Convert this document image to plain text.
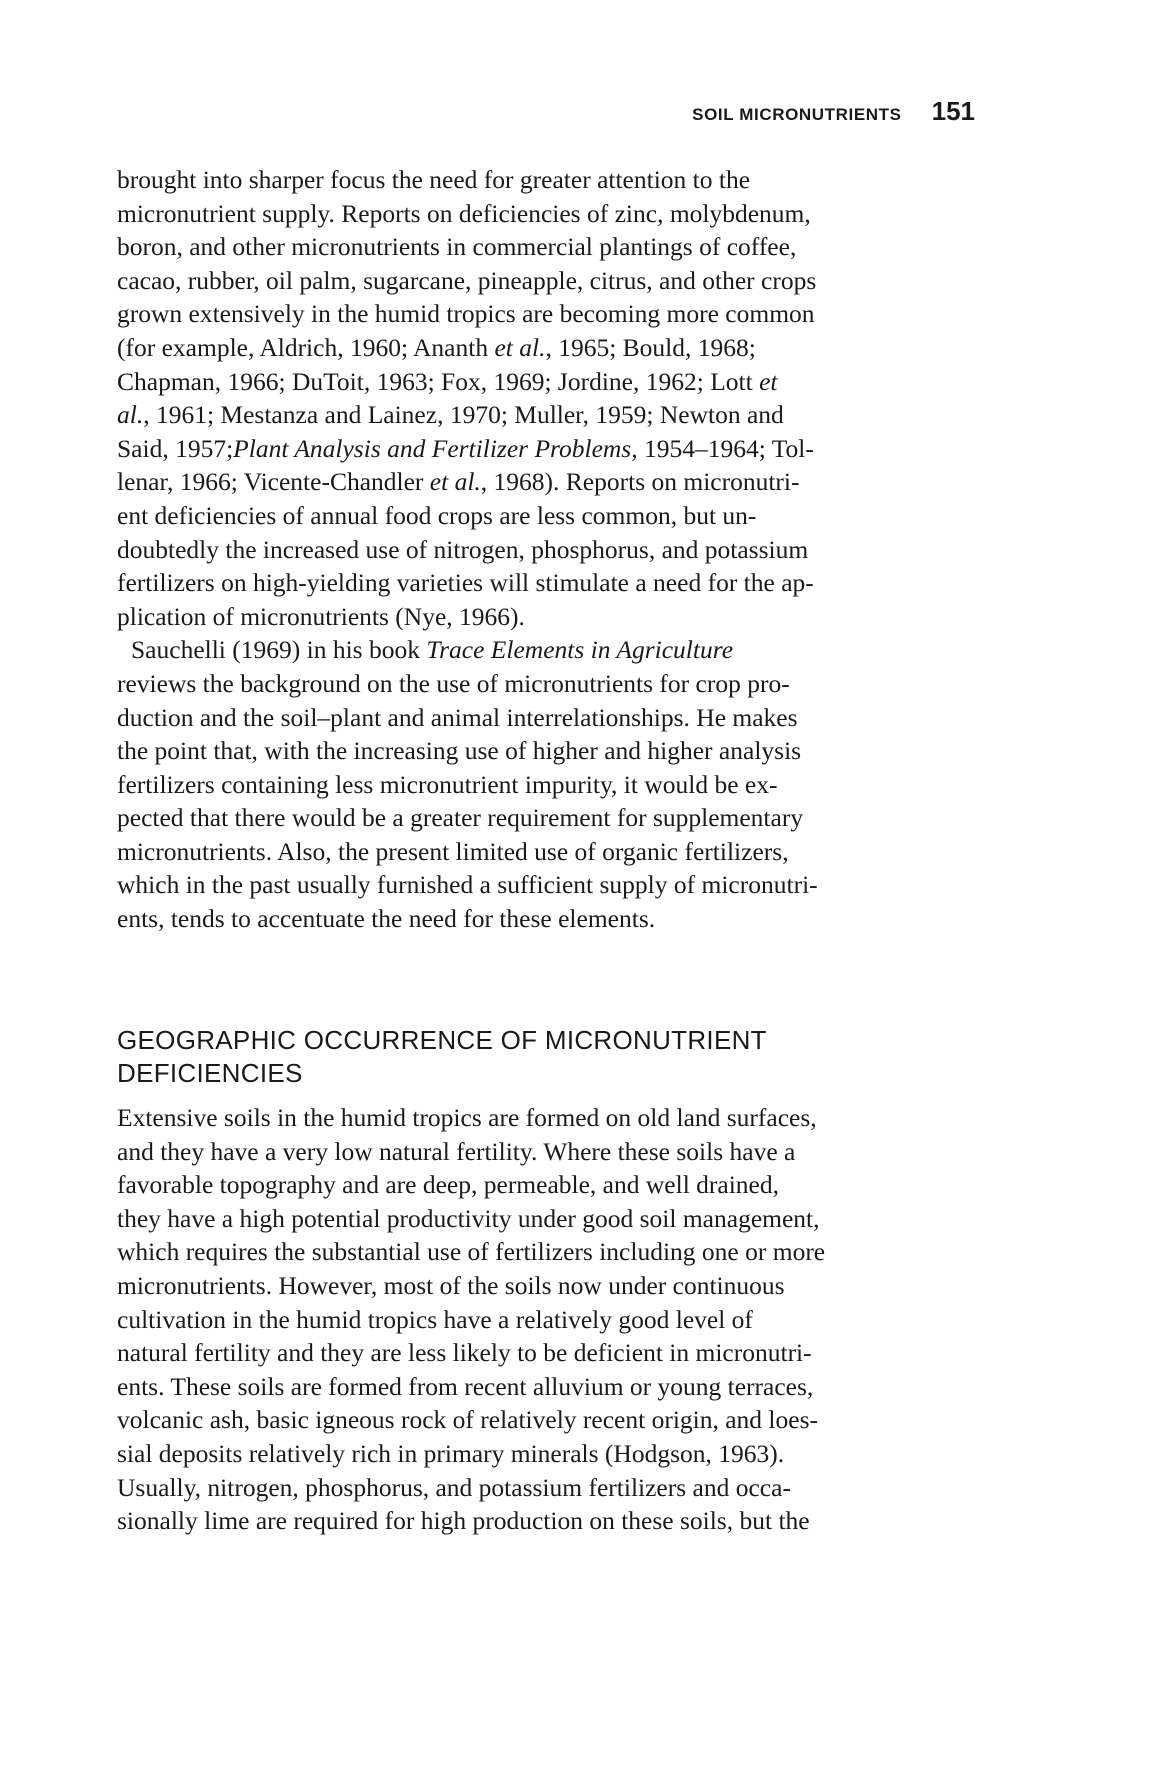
SOIL MICRONUTRIENTS 151
brought into sharper focus the need for greater attention to the
micronutrient supply. Reports on deficiencies of zinc, molybdenum,
boron, and other micronutrients in commercial plantings of coffee,
cacao, rubber, oil palm, sugarcane, pineapple, citrus, and other crops
grown extensively in the humid tropics are becoming more common
(for example, Aldrich, 1960; Ananth et al., 1965; Bould, 1968;
Chapman, 1966; DuToit, 1963; Fox, 1969; Jordine, 1962; Lott et
al., 1961; Mestanza and Lainez, 1970; Muller, 1959; Newton and
Said, 1957;Plant Analysis and Fertilizer Problems, 1954–1964; Tol-
lenar, 1966; Vicente-Chandler et al., 1968). Reports on micronutri-
ent deficiencies of annual food crops are less common, but un-
doubtedly the increased use of nitrogen, phosphorus, and potassium
fertilizers on high-yielding varieties will stimulate a need for the ap-
plication of micronutrients (Nye, 1966).
Sauchelli (1969) in his book Trace Elements in Agriculture
reviews the background on the use of micronutrients for crop pro-
duction and the soil–plant and animal interrelationships. He makes
the point that, with the increasing use of higher and higher analysis
fertilizers containing less micronutrient impurity, it would be ex-
pected that there would be a greater requirement for supplementary
micronutrients. Also, the present limited use of organic fertilizers,
which in the past usually furnished a sufficient supply of micronutri-
ents, tends to accentuate the need for these elements.
GEOGRAPHIC OCCURRENCE OF MICRONUTRIENT
DEFICIENCIES
Extensive soils in the humid tropics are formed on old land surfaces,
and they have a very low natural fertility. Where these soils have a
favorable topography and are deep, permeable, and well drained,
they have a high potential productivity under good soil management,
which requires the substantial use of fertilizers including one or more
micronutrients. However, most of the soils now under continuous
cultivation in the humid tropics have a relatively good level of
natural fertility and they are less likely to be deficient in micronutri-
ents. These soils are formed from recent alluvium or young terraces,
volcanic ash, basic igneous rock of relatively recent origin, and loes-
sial deposits relatively rich in primary minerals (Hodgson, 1963).
Usually, nitrogen, phosphorus, and potassium fertilizers and occa-
sionally lime are required for high production on these soils, but the
